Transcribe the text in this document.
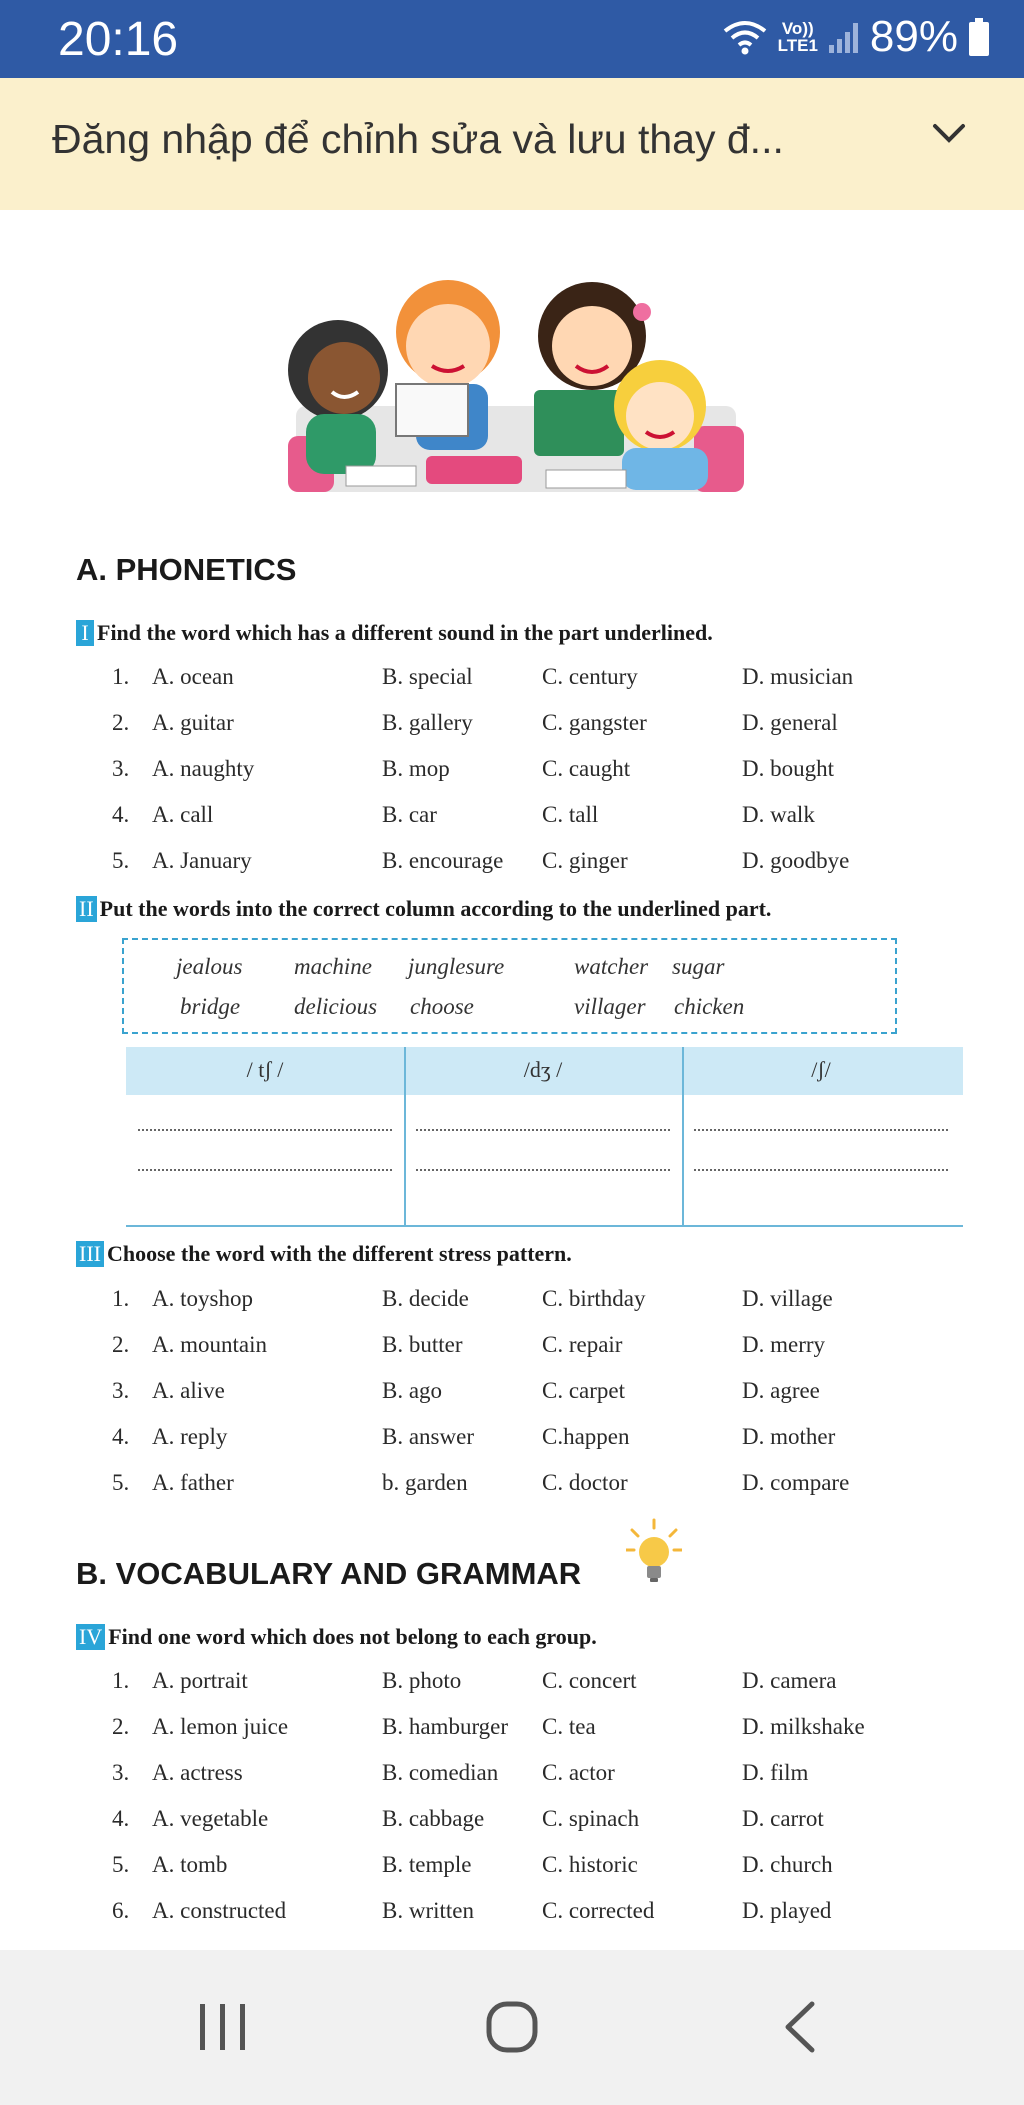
20:16	Vo))
LTE1 89%
Đăng nhập để chỉnh sửa và lưu thay đ...
A. PHONETICS
I Find the word which has a different sound in the part underlined.
1. A. ocean	B. special	C. century	D. musician
2. A. guitar	B. gallery	C. gangster	D. general
3. A. naughty	B. mop	C. caught	D. bought
4. A. call	B. car	C. tall	D. walk
5. A. January	B. encourage C. ginger	D. goodbye
II Put the words into the correct column according to the underlined part.
jealous machine junglesure	watcher sugar
bridge delicious choose	villager chicken
/ tʃ /	/dʒ /	/ʃ/
III Choose the word with the different stress pattern.
1. A. toyshop	B. decide	C. birthday	D. village
2. A. mountain	B. butter	C. repair	D. merry
3. A. alive	B. ago	C. carpet	D. agree
4. A. reply	B. answer	C.happen	D. mother
5. A. father	b. garden	C. doctor	D. compare
B. VOCABULARY AND GRAMMAR
IV Find one word which does not belong to each group.
1. A. portrait	B. photo	C. concert	D. camera
2. A. lemon juice	B. hamburger C. tea	D. milkshake
3. A. actress	B. comedian C. actor	D. film
4. A. vegetable	B. cabbage	C. spinach	D. carrot
5. A. tomb	B. temple	C. historic	D. church
6. A. constructed	B. written	C. corrected	D. played
